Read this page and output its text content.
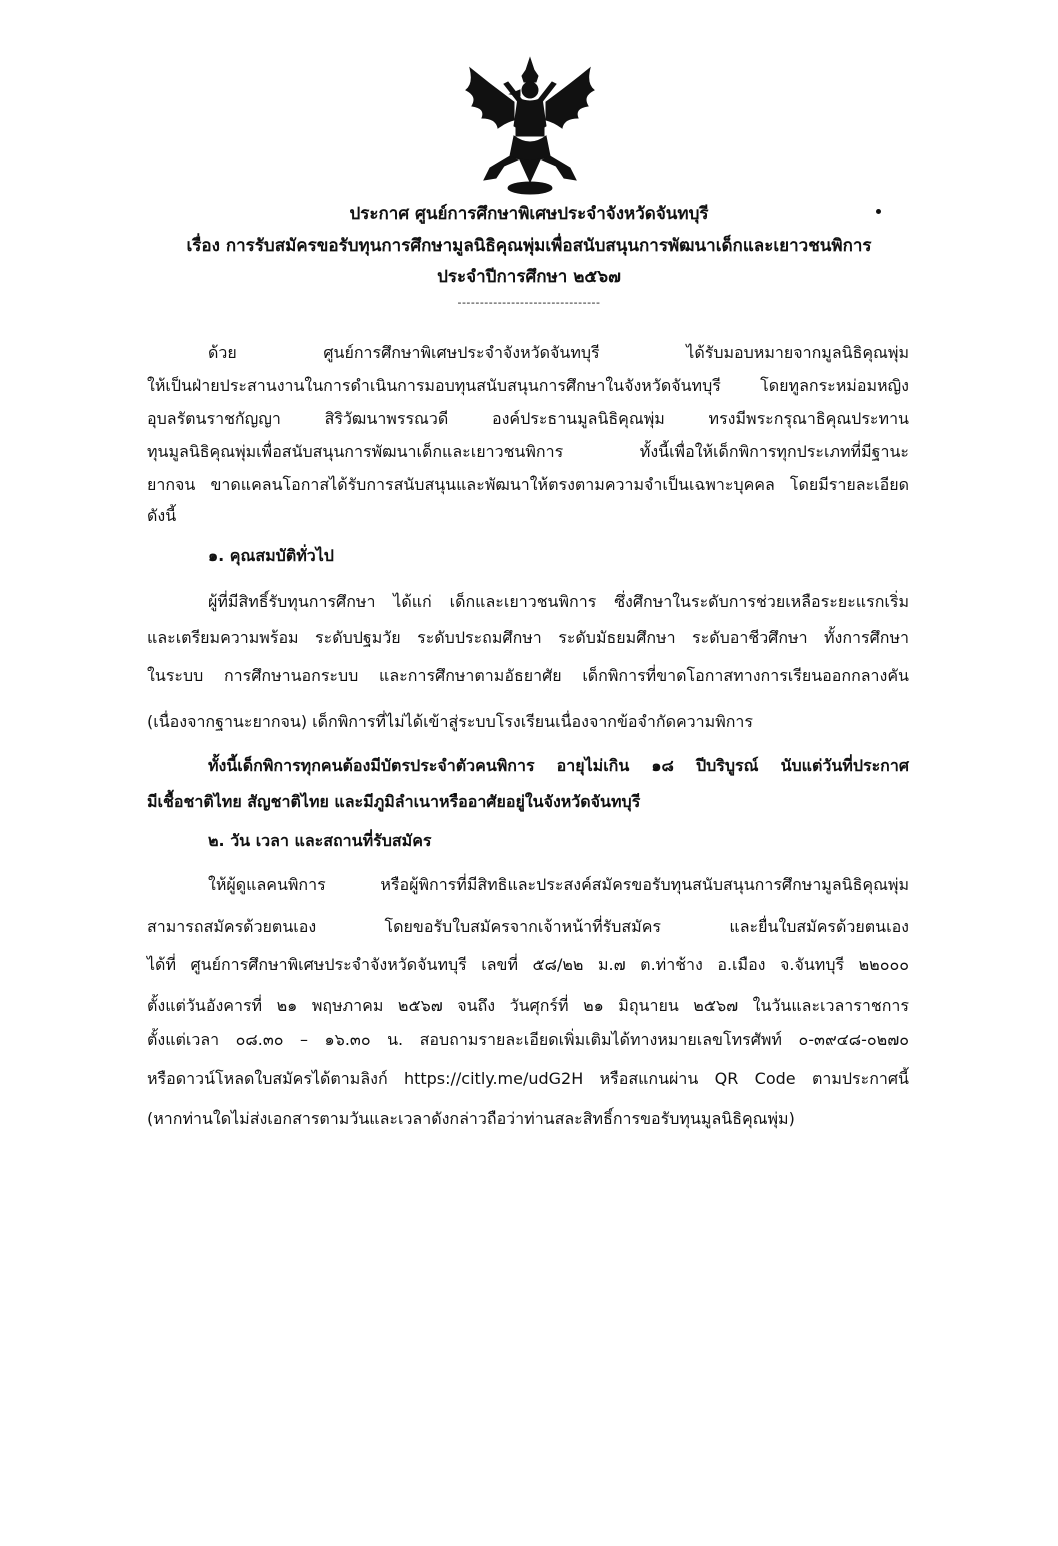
ประกาศ ศูนย์การศึกษาพิเศษประจำจังหวัดจันทบุรี
เรื่อง การรับสมัครขอรับทุนการศึกษามูลนิธิคุณพุ่มเพื่อสนับสนุนการพัฒนาเด็กและเยาวชนพิการ
ประจำปีการศึกษา ๒๕๖๗
--------------------------------
ด้วย ศูนย์การศึกษาพิเศษประจำจังหวัดจันทบุรี ได้รับมอบหมายจากมูลนิธิคุณพุ่ม
ให้เป็นฝ่ายประสานงานในการดำเนินการมอบทุนสนับสนุนการศึกษาในจังหวัดจันทบุรี โดยทูลกระหม่อมหญิง
อุบลรัตนราชกัญญา สิริวัฒนาพรรณวดี องค์ประธานมูลนิธิคุณพุ่ม ทรงมีพระกรุณาธิคุณประทาน
ทุนมูลนิธิคุณพุ่มเพื่อสนับสนุนการพัฒนาเด็กและเยาวชนพิการ ทั้งนี้เพื่อให้เด็กพิการทุกประเภทที่มีฐานะ
ยากจน ขาดแคลนโอกาสได้รับการสนับสนุนและพัฒนาให้ตรงตามความจำเป็นเฉพาะบุคคล โดยมีรายละเอียด
ดังนี้
๑. คุณสมบัติทั่วไป
ผู้ที่มีสิทธิ์รับทุนการศึกษา ได้แก่ เด็กและเยาวชนพิการ ซึ่งศึกษาในระดับการช่วยเหลือระยะแรกเริ่ม
และเตรียมความพร้อม ระดับปฐมวัย ระดับประถมศึกษา ระดับมัธยมศึกษา ระดับอาชีวศึกษา ทั้งการศึกษา
ในระบบ การศึกษานอกระบบ และการศึกษาตามอัธยาศัย เด็กพิการที่ขาดโอกาสทางการเรียนออกกลางคัน
(เนื่องจากฐานะยากจน) เด็กพิการที่ไม่ได้เข้าสู่ระบบโรงเรียนเนื่องจากข้อจำกัดความพิการ
ทั้งนี้เด็กพิการทุกคนต้องมีบัตรประจำตัวคนพิการ อายุไม่เกิน ๑๘ ปีบริบูรณ์ นับแต่วันที่ประกาศ
มีเชื้อชาติไทย สัญชาติไทย และมีภูมิลำเนาหรืออาศัยอยู่ในจังหวัดจันทบุรี
๒. วัน เวลา และสถานที่รับสมัคร
ให้ผู้ดูแลคนพิการ หรือผู้พิการที่มีสิทธิและประสงค์สมัครขอรับทุนสนับสนุนการศึกษามูลนิธิคุณพุ่ม
สามารถสมัครด้วยตนเอง โดยขอรับใบสมัครจากเจ้าหน้าที่รับสมัคร และยื่นใบสมัครด้วยตนเอง
ได้ที่ ศูนย์การศึกษาพิเศษประจำจังหวัดจันทบุรี เลขที่ ๕๘/๒๒ ม.๗ ต.ท่าช้าง อ.เมือง จ.จันทบุรี ๒๒๐๐๐
ตั้งแต่วันอังคารที่ ๒๑ พฤษภาคม ๒๕๖๗ จนถึง วันศุกร์ที่ ๒๑ มิถุนายน ๒๕๖๗ ในวันและเวลาราชการ
ตั้งแต่เวลา ๐๘.๓๐ – ๑๖.๓๐ น. สอบถามรายละเอียดเพิ่มเติมได้ทางหมายเลขโทรศัพท์ ๐-๓๙๔๘-๐๒๗๐
หรือดาวน์โหลดใบสมัครได้ตามลิงก์ https://citly.me/udG2H หรือสแกนผ่าน QR Code ตามประกาศนี้
(หากท่านใดไม่ส่งเอกสารตามวันและเวลาดังกล่าวถือว่าท่านสละสิทธิ์การขอรับทุนมูลนิธิคุณพุ่ม)
